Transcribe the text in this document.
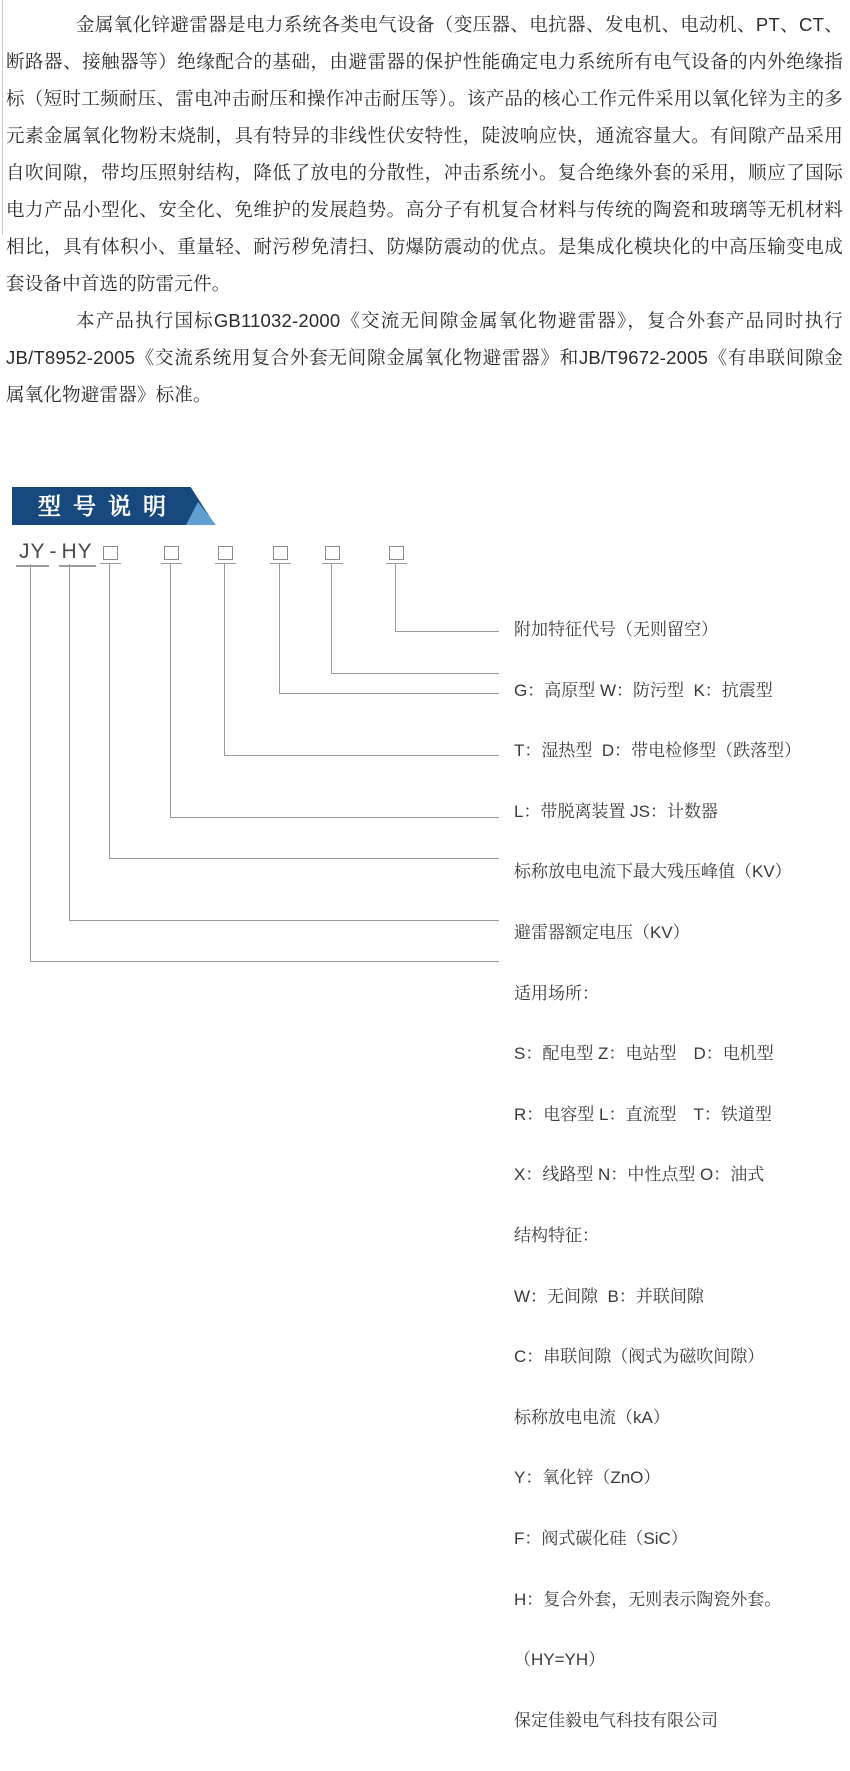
金属氧化锌避雷器是电力系统各类电气设备（变压器、电抗器、发电机、电动机、PT、CT、断路器、接触器等）绝缘配合的基础，由避雷器的保护性能确定电力系统所有电气设备的内外绝缘指标（短时工频耐压、雷电冲击耐压和操作冲击耐压等）。该产品的核心工作元件采用以氧化锌为主的多元素金属氧化物粉末烧制，具有特异的非线性伏安特性，陡波响应快，通流容量大。有间隙产品采用自吹间隙，带均压照射结构，降低了放电的分散性，冲击系统小。复合绝缘外套的采用，顺应了国际电力产品小型化、安全化、免维护的发展趋势。高分子有机复合材料与传统的陶瓷和玻璃等无机材料相比，具有体积小、重量轻、耐污秽免清扫、防爆防震动的优点。是集成化模块化的中高压输变电成套设备中首选的防雷元件。

本产品执行国标GB11032-2000《交流无间隙金属氧化物避雷器》，复合外套产品同时执行JB/T8952-2005《交流系统用复合外套无间隙金属氧化物避雷器》和JB/T9672-2005《有串联间隙金属氧化物避雷器》标准。

型号说明
JY - HY

附加特征代号（无则留空）

G：高原型 W：防污型  K：抗震型

T：湿热型  D：带电检修型（跌落型）

L：带脱离装置 JS：计数器

标称放电电流下最大残压峰值（KV）

避雷器额定电压（KV）

适用场所：

S：配电型 Z：电站型　D：电机型

R：电容型 L：直流型　T：铁道型

X：线路型 N：中性点型 O：油式

结构特征：

W：无间隙  B：并联间隙

C：串联间隙（阀式为磁吹间隙）

标称放电电流（kA）

Y：氧化锌（ZnO）

F：阀式碳化硅（SiC）

H：复合外套，无则表示陶瓷外套。

（HY=YH）

保定佳毅电气科技有限公司
